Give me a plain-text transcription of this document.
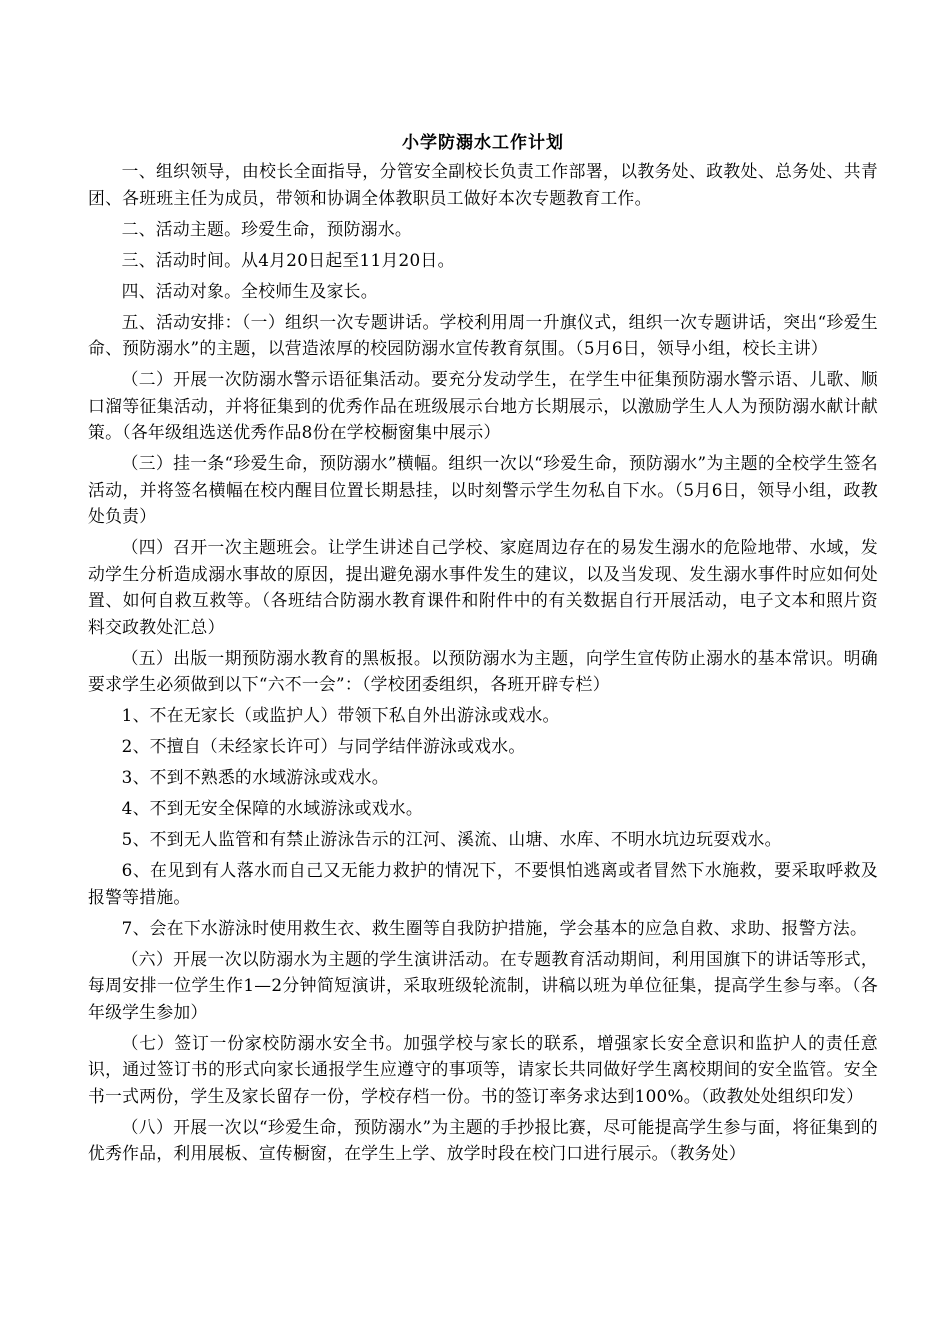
小学防溺水工作计划

一、组织领导，由校长全面指导，分管安全副校长负责工作部署，以教务处、政教处、总务处、共青团、各班班主任为成员，带领和协调全体教职员工做好本次专题教育工作。

二、活动主题。珍爱生命，预防溺水。

三、活动时间。从4月20日起至11月20日。

四、活动对象。全校师生及家长。

五、活动安排：（一）组织一次专题讲话。学校利用周一升旗仪式，组织一次专题讲话，突出“珍爱生命、预防溺水”的主题，以营造浓厚的校园防溺水宣传教育氛围。（5月6日，领导小组，校长主讲）

（二）开展一次防溺水警示语征集活动。要充分发动学生，在学生中征集预防溺水警示语、儿歌、顺口溜等征集活动，并将征集到的优秀作品在班级展示台地方长期展示，以激励学生人人为预防溺水献计献策。（各年级组选送优秀作品8份在学校橱窗集中展示）

（三）挂一条“珍爱生命，预防溺水”横幅。组织一次以“珍爱生命，预防溺水”为主题的全校学生签名活动，并将签名横幅在校内醒目位置长期悬挂，以时刻警示学生勿私自下水。（5月6日，领导小组，政教处负责）

（四）召开一次主题班会。让学生讲述自己学校、家庭周边存在的易发生溺水的危险地带、水域，发动学生分析造成溺水事故的原因，提出避免溺水事件发生的建议，以及当发现、发生溺水事件时应如何处置、如何自救互救等。（各班结合防溺水教育课件和附件中的有关数据自行开展活动，电子文本和照片资料交政教处汇总）

（五）出版一期预防溺水教育的黑板报。以预防溺水为主题，向学生宣传防止溺水的基本常识。明确要求学生必须做到以下“六不一会”：（学校团委组织，各班开辟专栏）

1、不在无家长（或监护人）带领下私自外出游泳或戏水。

2、不擅自（未经家长许可）与同学结伴游泳或戏水。

3、不到不熟悉的水域游泳或戏水。

4、不到无安全保障的水域游泳或戏水。

5、不到无人监管和有禁止游泳告示的江河、溪流、山塘、水库、不明水坑边玩耍戏水。

6、在见到有人落水而自己又无能力救护的情况下，不要惧怕逃离或者冒然下水施救，要采取呼救及报警等措施。

7、会在下水游泳时使用救生衣、救生圈等自我防护措施，学会基本的应急自救、求助、报警方法。

（六）开展一次以防溺水为主题的学生演讲活动。在专题教育活动期间，利用国旗下的讲话等形式，每周安排一位学生作1—2分钟简短演讲，采取班级轮流制，讲稿以班为单位征集，提高学生参与率。（各年级学生参加）

（七）签订一份家校防溺水安全书。加强学校与家长的联系，增强家长安全意识和监护人的责任意识，通过签订书的形式向家长通报学生应遵守的事项等，请家长共同做好学生离校期间的安全监管。安全书一式两份，学生及家长留存一份，学校存档一份。书的签订率务求达到100%。（政教处处组织印发）

（八）开展一次以“珍爱生命，预防溺水”为主题的手抄报比赛，尽可能提高学生参与面，将征集到的优秀作品，利用展板、宣传橱窗，在学生上学、放学时段在校门口进行展示。（教务处）
